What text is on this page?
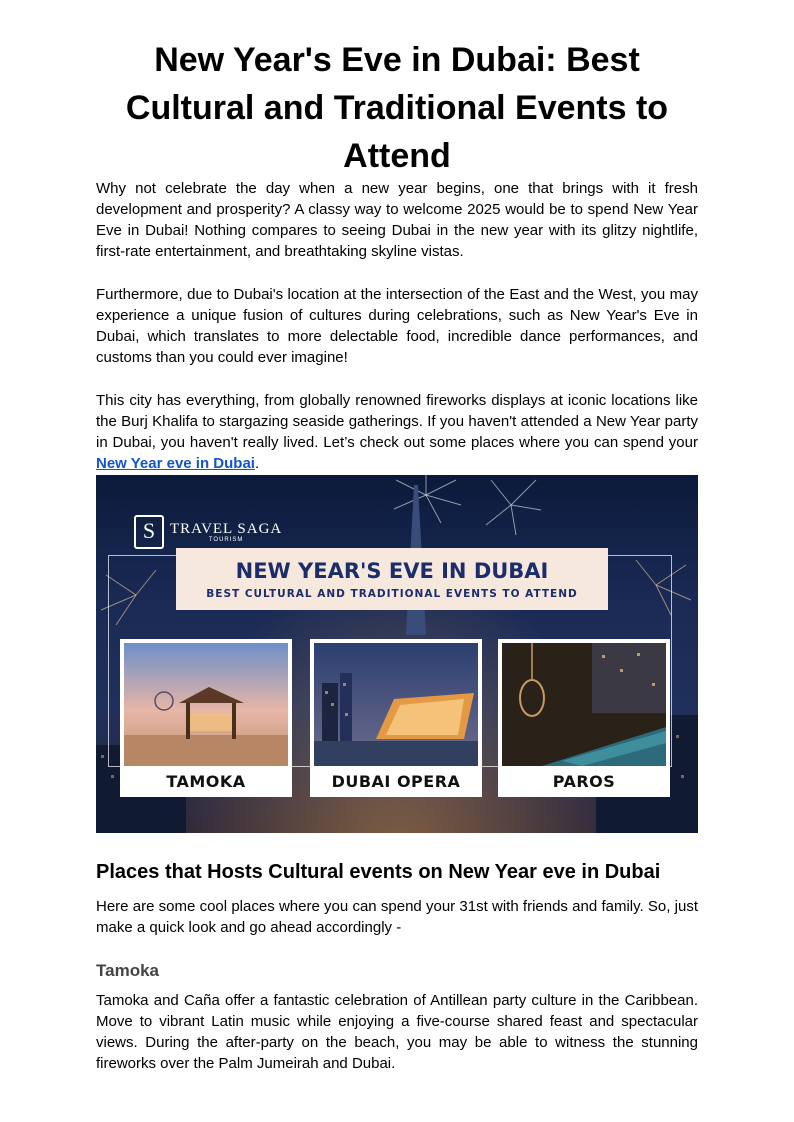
New Year's Eve in Dubai: Best Cultural and Traditional Events to Attend

Why not celebrate the day when a new year begins, one that brings with it fresh development and prosperity? A classy way to welcome 2025 would be to spend New Year Eve in Dubai! Nothing compares to seeing Dubai in the new year with its glitzy nightlife, first-rate entertainment, and breathtaking skyline vistas.

Furthermore, due to Dubai's location at the intersection of the East and the West, you may experience a unique fusion of cultures during celebrations, such as New Year's Eve in Dubai, which translates to more delectable food, incredible dance performances, and customs than you could ever imagine!

This city has everything, from globally renowned fireworks displays at iconic locations like the Burj Khalifa to stargazing seaside gatherings. If you haven't attended a New Year party in Dubai, you haven't really lived. Let’s check out some places where you can spend your New Year eve in Dubai.

S TRAVEL SAGA
TOURISM
NEW YEAR'S EVE IN DUBAI
BEST CULTURAL AND TRADITIONAL EVENTS TO ATTEND
TAMOKA	DUBAI OPERA	PAROS
Places that Hosts Cultural events on New Year eve in Dubai

Here are some cool places where you can spend your 31st with friends and family. So, just make a quick look and go ahead accordingly -

Tamoka

Tamoka and Caña offer a fantastic celebration of Antillean party culture in the Caribbean. Move to vibrant Latin music while enjoying a five-course shared feast and spectacular views. During the after-party on the beach, you may be able to witness the stunning fireworks over the Palm Jumeirah and Dubai.
